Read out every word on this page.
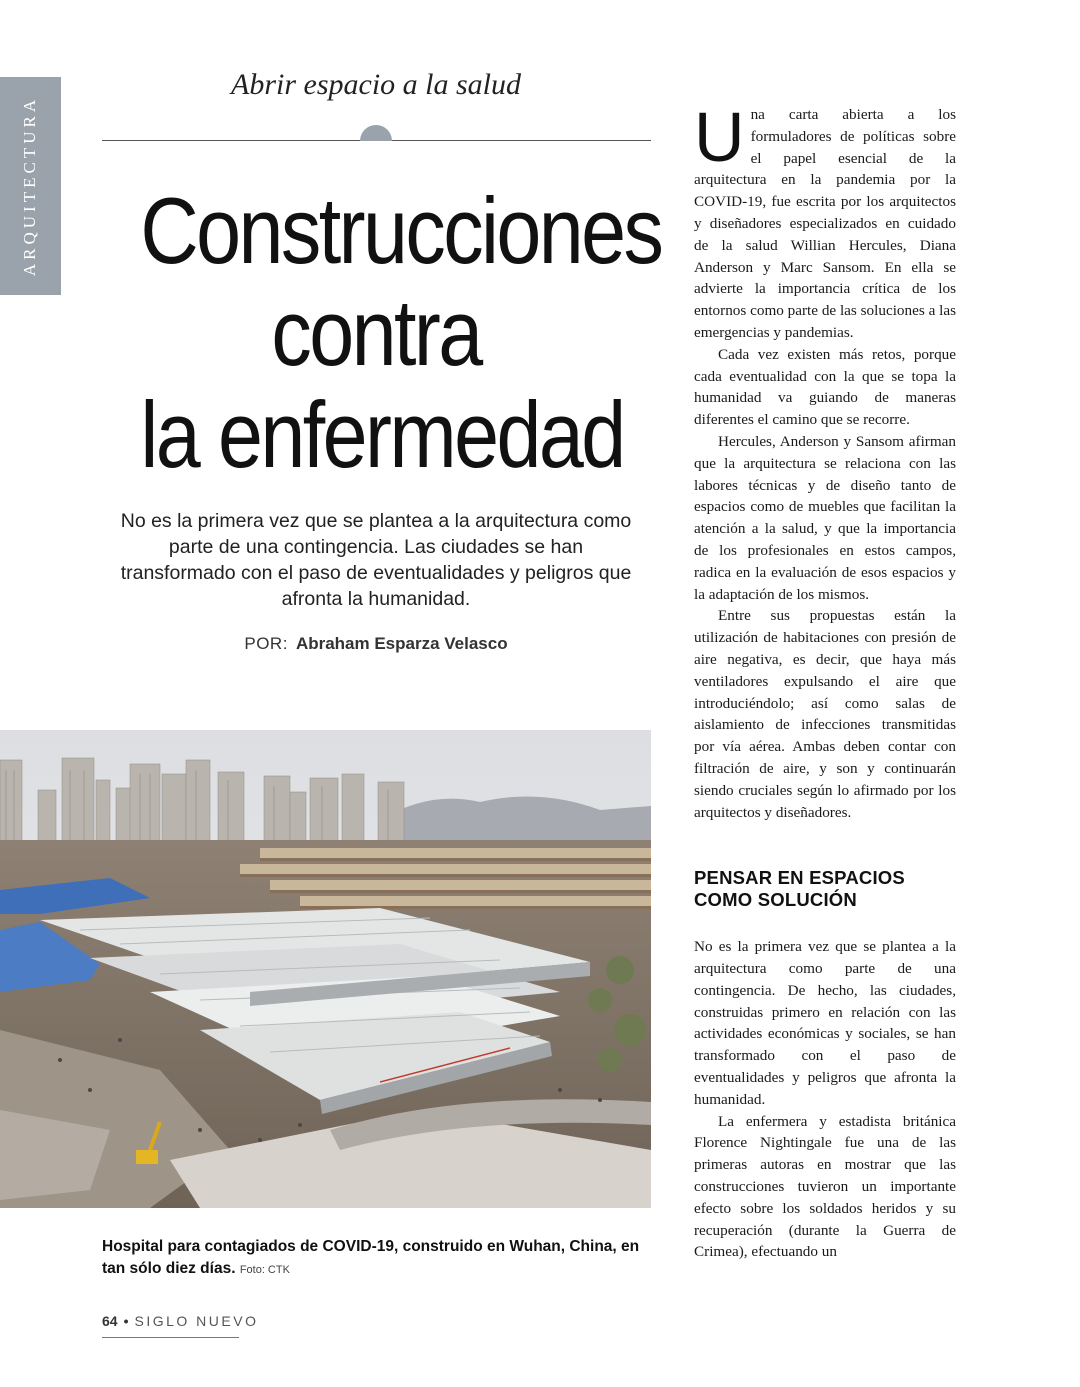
ARQUITECTURA
Abrir espacio a la salud
Construcciones
contra
la enfermedad
No es la primera vez que se plantea a la arquitectura como parte de una contingencia. Las ciudades se han transformado con el paso de eventualidades y peligros que afronta la humanidad.
POR: Abraham Esparza Velasco
Hospital para contagiados de COVID-19, construido en Wuhan, China, en tan sólo diez días. Foto: CTK
64 • SIGLO NUEVO

Una carta abierta a los formuladores de políticas sobre el papel esencial de la arquitectura en la pandemia por la COVID-19, fue escrita por los arquitectos y diseñadores especializados en cuidado de la salud Willian Hercules, Diana Anderson y Marc Sansom. En ella se advierte la importancia crítica de los entornos como parte de las soluciones a las emergencias y pandemias.

Cada vez existen más retos, porque cada eventualidad con la que se topa la humanidad va guiando de maneras diferentes el camino que se recorre.

Hercules, Anderson y Sansom afirman que la arquitectura se relaciona con las labores técnicas y de diseño tanto de espacios como de muebles que facilitan la atención a la salud, y que la importancia de los profesionales en estos campos, radica en la evaluación de esos espacios y la adaptación de los mismos.

Entre sus propuestas están la utilización de habitaciones con presión de aire negativa, es decir, que haya más ventiladores expulsando el aire que introduciéndolo; así como salas de aislamiento de infecciones transmitidas por vía aérea. Ambas deben contar con filtración de aire, y son y continuarán siendo cruciales según lo afirmado por los arquitectos y diseñadores.

PENSAR EN ESPACIOS COMO SOLUCIÓN

No es la primera vez que se plantea a la arquitectura como parte de una contingencia. De hecho, las ciudades, construidas primero en relación con las actividades económicas y sociales, se han transformado con el paso de eventualidades y peligros que afronta la humanidad.

La enfermera y estadista británica Florence Nightingale fue una de las primeras autoras en mostrar que las construcciones tuvieron un importante efecto sobre los soldados heridos y su recuperación (durante la Guerra de Crimea), efectuando un
